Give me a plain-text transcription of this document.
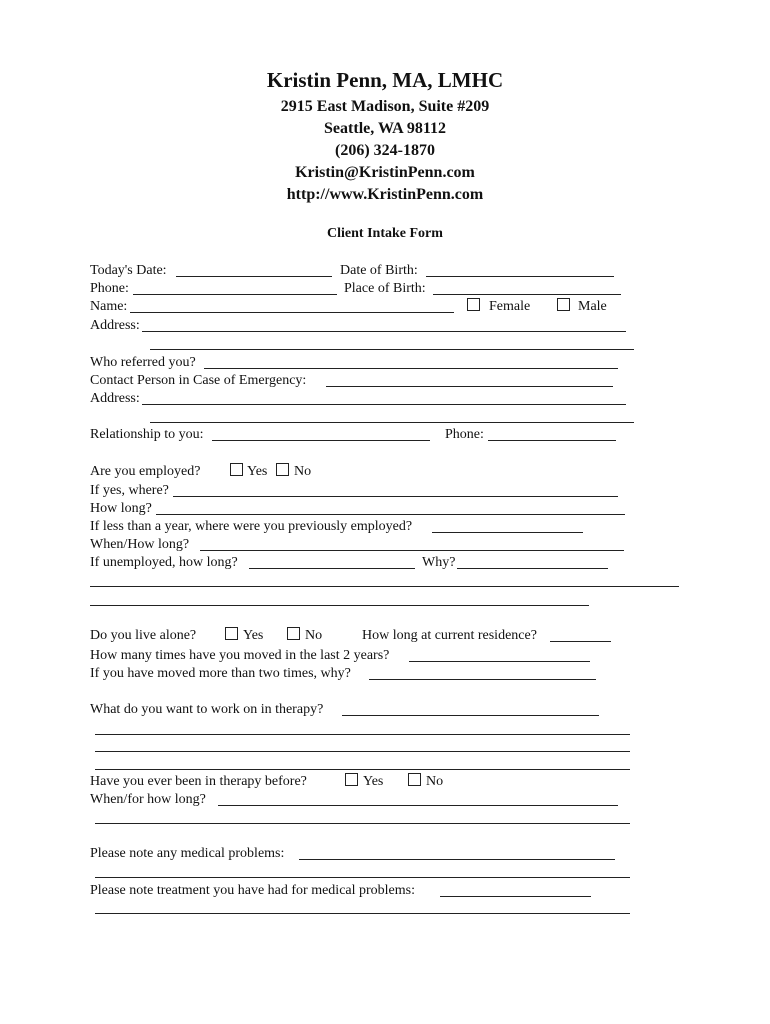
Kristin Penn, MA, LMHC
2915 East Madison, Suite #209
Seattle, WA 98112
(206) 324-1870
Kristin@KristinPenn.com
http://www.KristinPenn.com
Client Intake Form
Today's Date:	Date of Birth:
Phone:	Place of Birth:
Name:	Female	Male
Address:
Who referred you?
Contact Person in Case of Emergency:
Address:
Relationship to you:	Phone:
Are you employed?	Yes No
If yes, where?
How long?
If less than a year, where were you previously employed?
When/How long?
If unemployed, how long?	Why?
Do you live alone?	Yes	No	How long at current residence?
How many times have you moved in the last 2 years?
If you have moved more than two times, why?
What do you want to work on in therapy?
Have you ever been in therapy before?	Yes	No
When/for how long?
Please note any medical problems:
Please note treatment you have had for medical problems:
